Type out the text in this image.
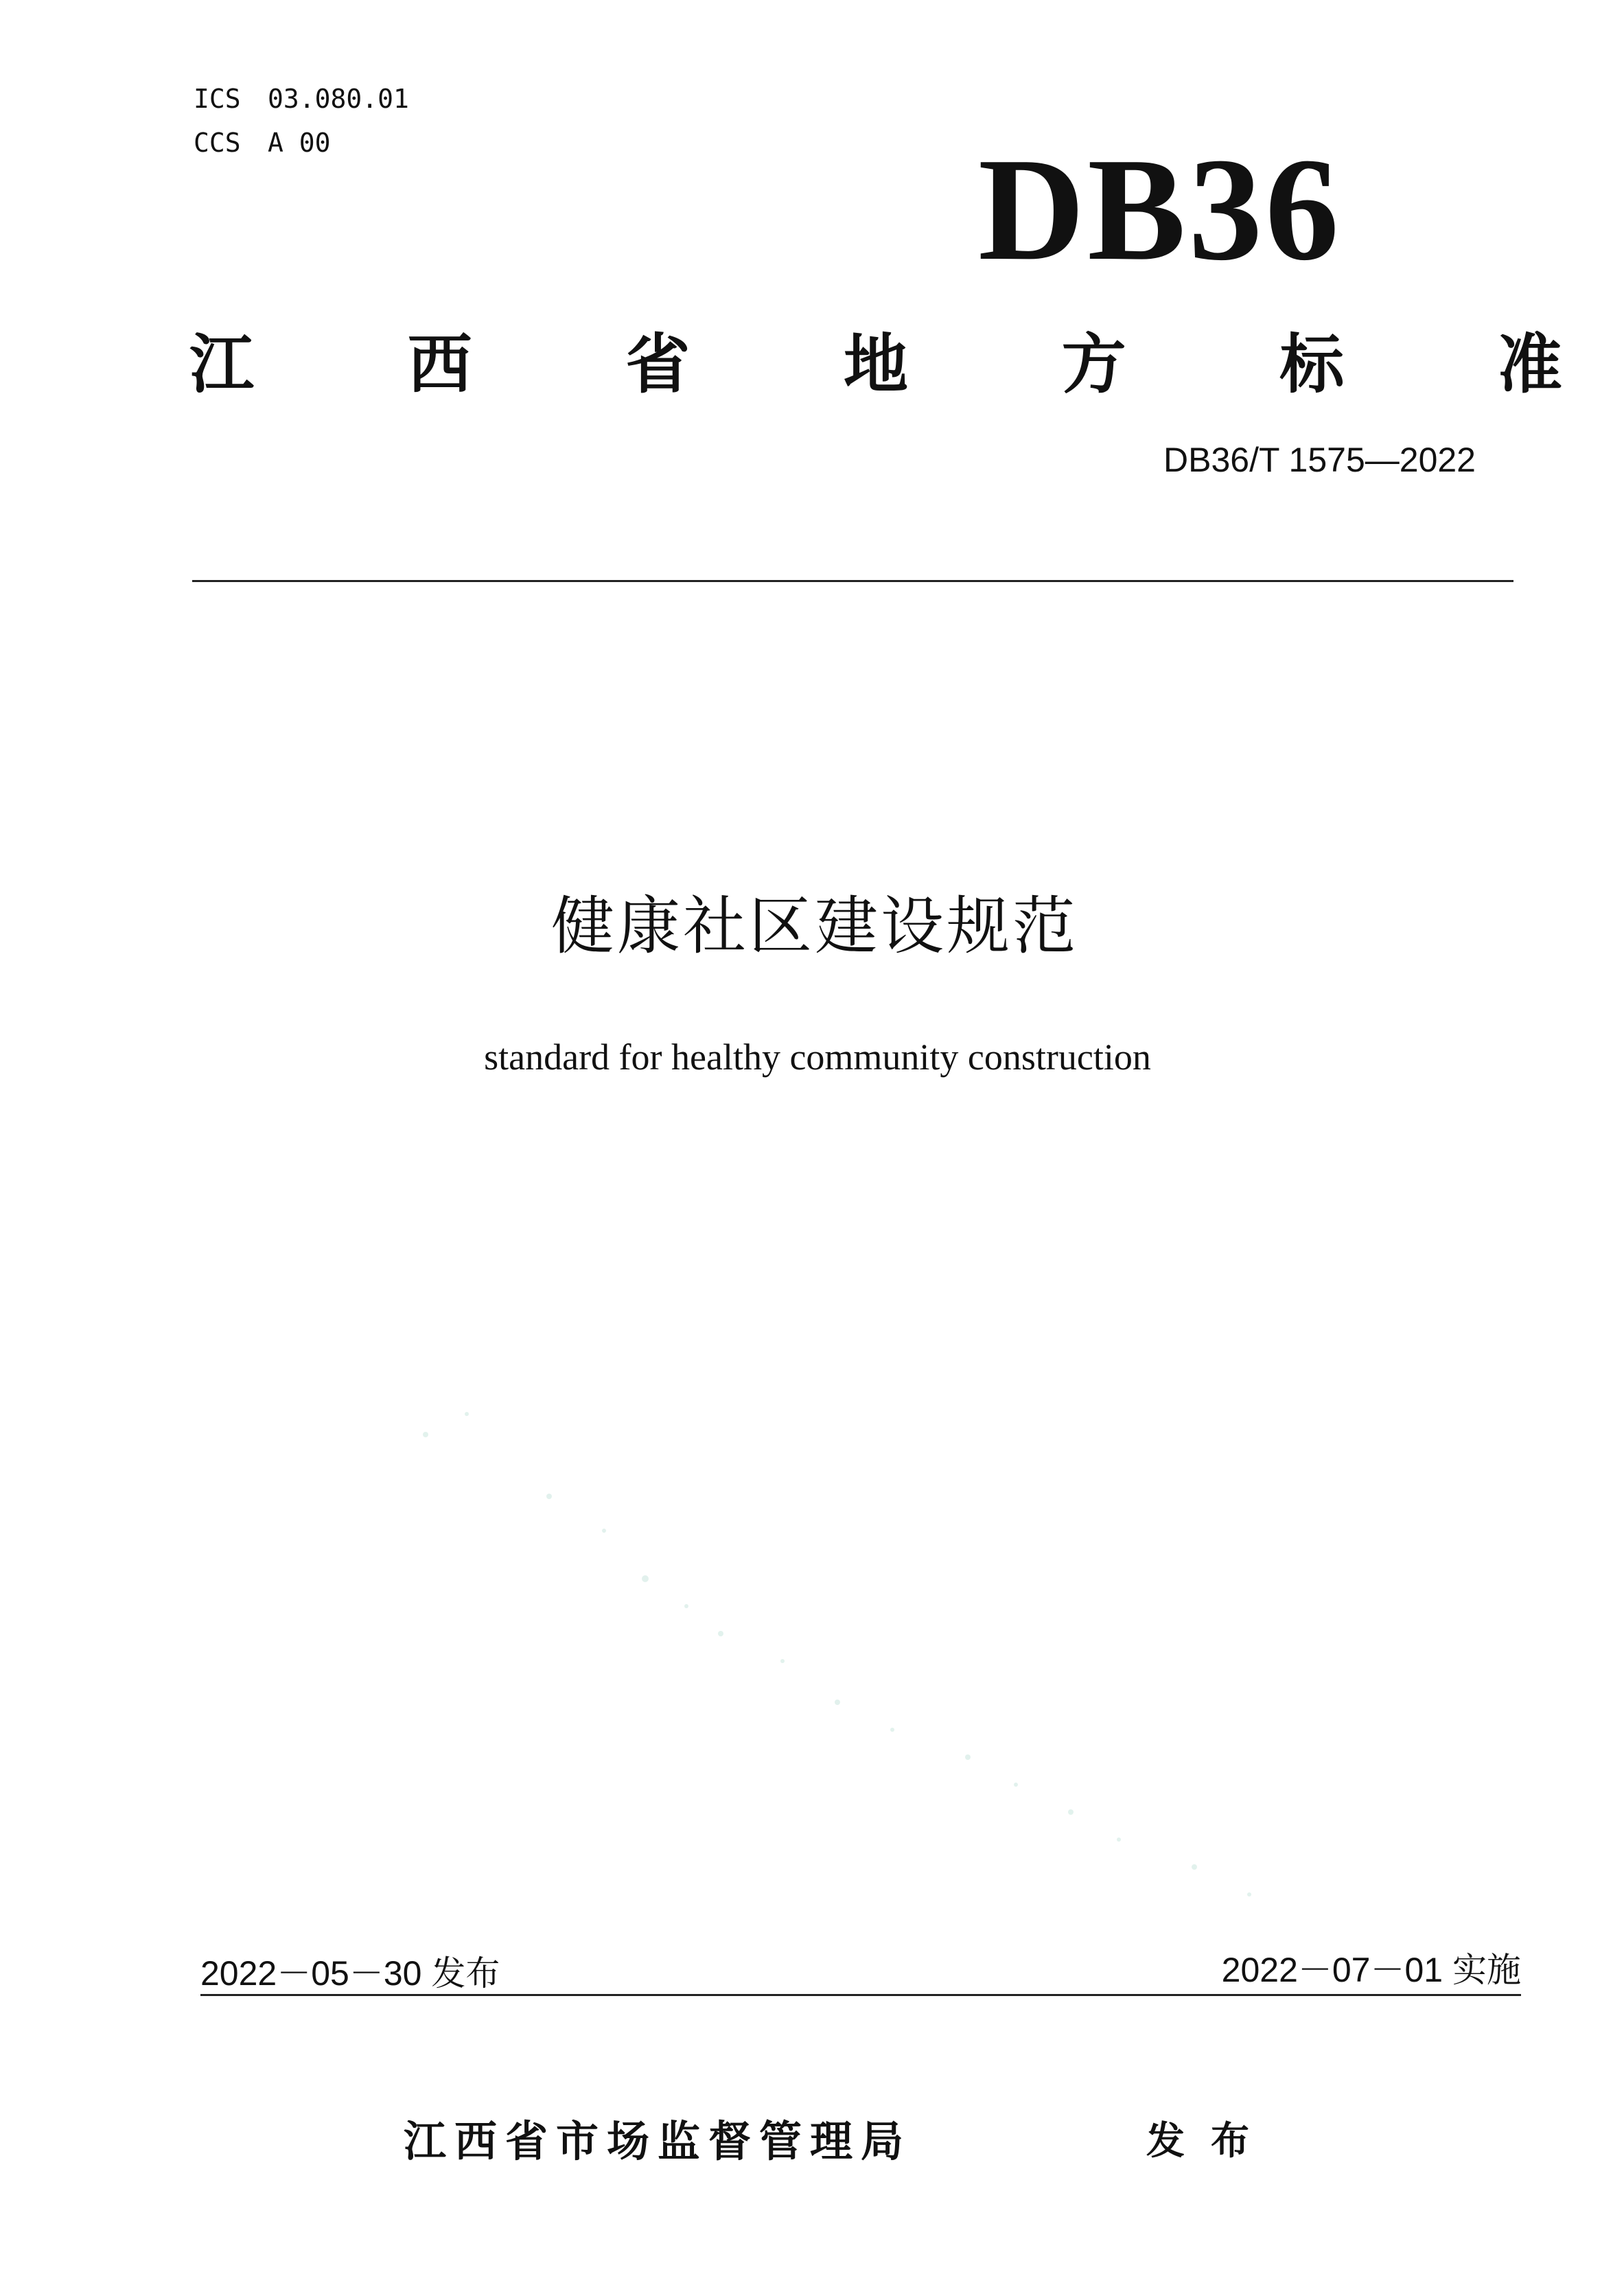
ICS 03.080.01
CCS A 00	DB36
江 西 省 地 方 标 准
DB36/T 1575—2022
健康社区建设规范
standard for healthy community construction
2022－05－30 发布	2022－07－01 实施
江西省市场监督管理局	发布
